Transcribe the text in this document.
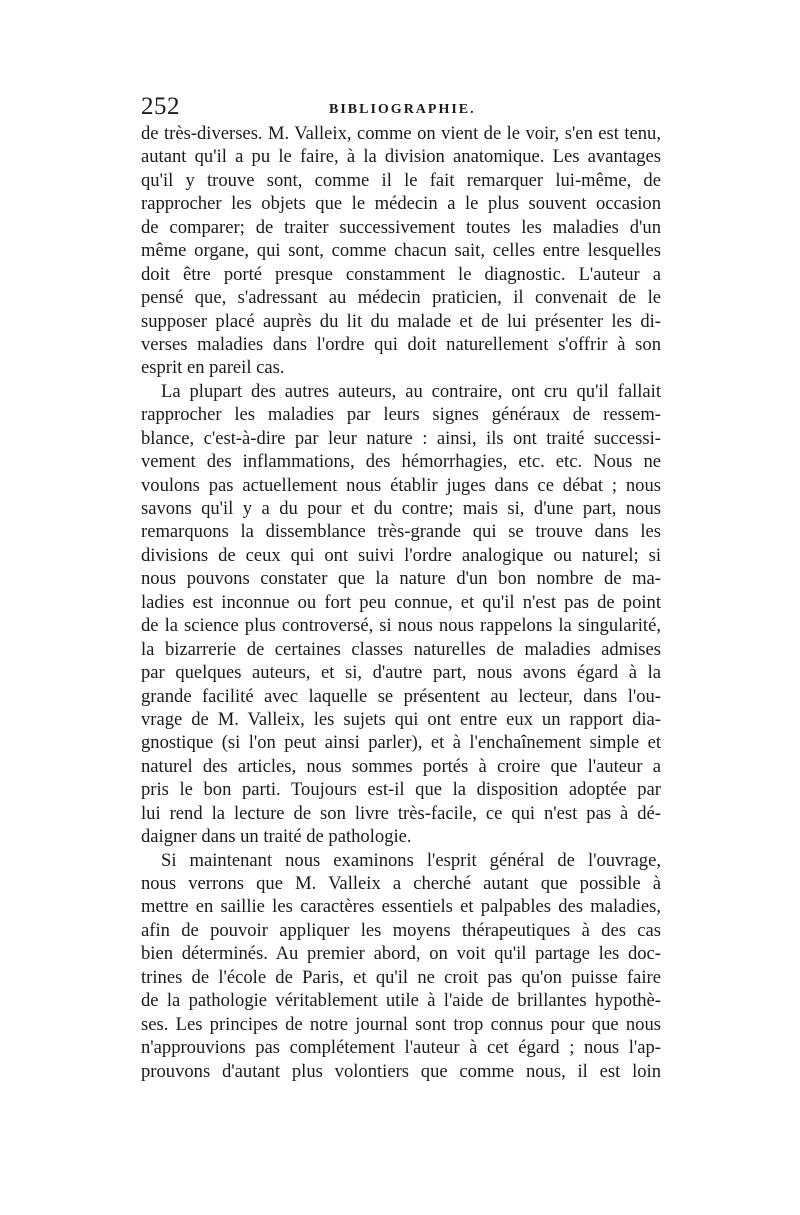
252	BIBLIOGRAPHIE.
de très-diverses. M. Valleix, comme on vient de le voir, s'en est tenu,
autant qu'il a pu le faire, à la division anatomique. Les avantages
qu'il y trouve sont, comme il le fait remarquer lui-même, de
rapprocher les objets que le médecin a le plus souvent occasion
de comparer; de traiter successivement toutes les maladies d'un
même organe, qui sont, comme chacun sait, celles entre lesquelles
doit être porté presque constamment le diagnostic. L'auteur a
pensé que, s'adressant au médecin praticien, il convenait de le
supposer placé auprès du lit du malade et de lui présenter les di-
verses maladies dans l'ordre qui doit naturellement s'offrir à son
esprit en pareil cas.
La plupart des autres auteurs, au contraire, ont cru qu'il fallait
rapprocher les maladies par leurs signes généraux de ressem-
blance, c'est-à-dire par leur nature : ainsi, ils ont traité successi-
vement des inflammations, des hémorrhagies, etc. etc. Nous ne
voulons pas actuellement nous établir juges dans ce débat ; nous
savons qu'il y a du pour et du contre; mais si, d'une part, nous
remarquons la dissemblance très-grande qui se trouve dans les
divisions de ceux qui ont suivi l'ordre analogique ou naturel; si
nous pouvons constater que la nature d'un bon nombre de ma-
ladies est inconnue ou fort peu connue, et qu'il n'est pas de point
de la science plus controversé, si nous nous rappelons la singularité,
la bizarrerie de certaines classes naturelles de maladies admises
par quelques auteurs, et si, d'autre part, nous avons égard à la
grande facilité avec laquelle se présentent au lecteur, dans l'ou-
vrage de M. Valleix, les sujets qui ont entre eux un rapport dia-
gnostique (si l'on peut ainsi parler), et à l'enchaînement simple et
naturel des articles, nous sommes portés à croire que l'auteur a
pris le bon parti. Toujours est-il que la disposition adoptée par
lui rend la lecture de son livre très-facile, ce qui n'est pas à dé-
daigner dans un traité de pathologie.
Si maintenant nous examinons l'esprit général de l'ouvrage,
nous verrons que M. Valleix a cherché autant que possible à
mettre en saillie les caractères essentiels et palpables des maladies,
afin de pouvoir appliquer les moyens thérapeutiques à des cas
bien déterminés. Au premier abord, on voit qu'il partage les doc-
trines de l'école de Paris, et qu'il ne croit pas qu'on puisse faire
de la pathologie véritablement utile à l'aide de brillantes hypothè-
ses. Les principes de notre journal sont trop connus pour que nous
n'approuvions pas complétement l'auteur à cet égard ; nous l'ap-
prouvons d'autant plus volontiers que comme nous, il est loin
